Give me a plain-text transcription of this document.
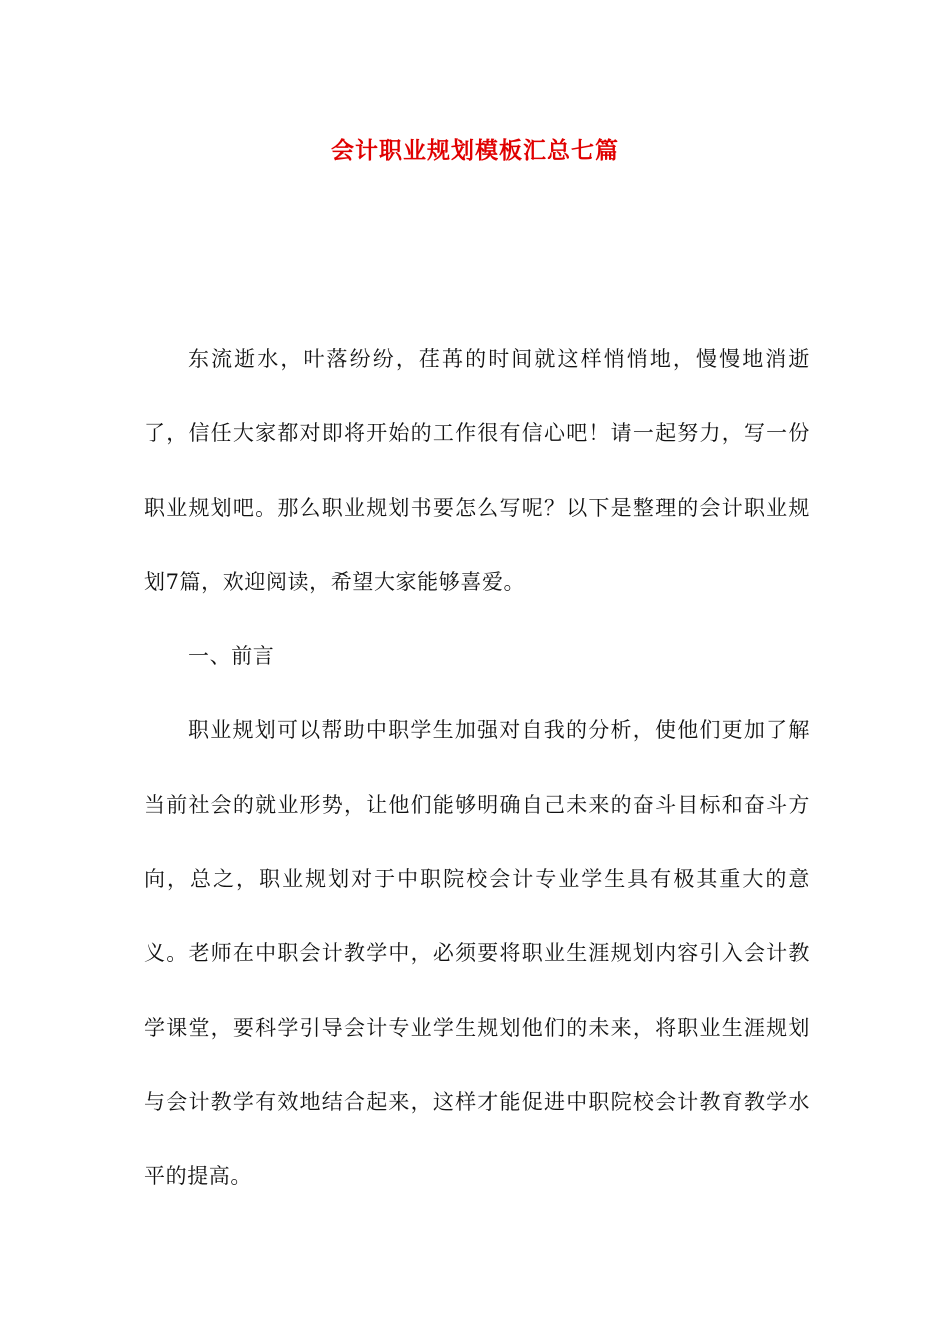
会计职业规划模板汇总七篇

东流逝水，叶落纷纷，荏苒的时间就这样悄悄地，慢慢地消逝了，信任大家都对即将开始的工作很有信心吧！请一起努力，写一份职业规划吧。那么职业规划书要怎么写呢？以下是整理的会计职业规划7篇，欢迎阅读，希望大家能够喜爱。

一、前言

职业规划可以帮助中职学生加强对自我的分析，使他们更加了解当前社会的就业形势，让他们能够明确自己未来的奋斗目标和奋斗方向，总之，职业规划对于中职院校会计专业学生具有极其重大的意义。老师在中职会计教学中，必须要将职业生涯规划内容引入会计教学课堂，要科学引导会计专业学生规划他们的未来，将职业生涯规划与会计教学有效地结合起来，这样才能促进中职院校会计教育教学水平的提高。
